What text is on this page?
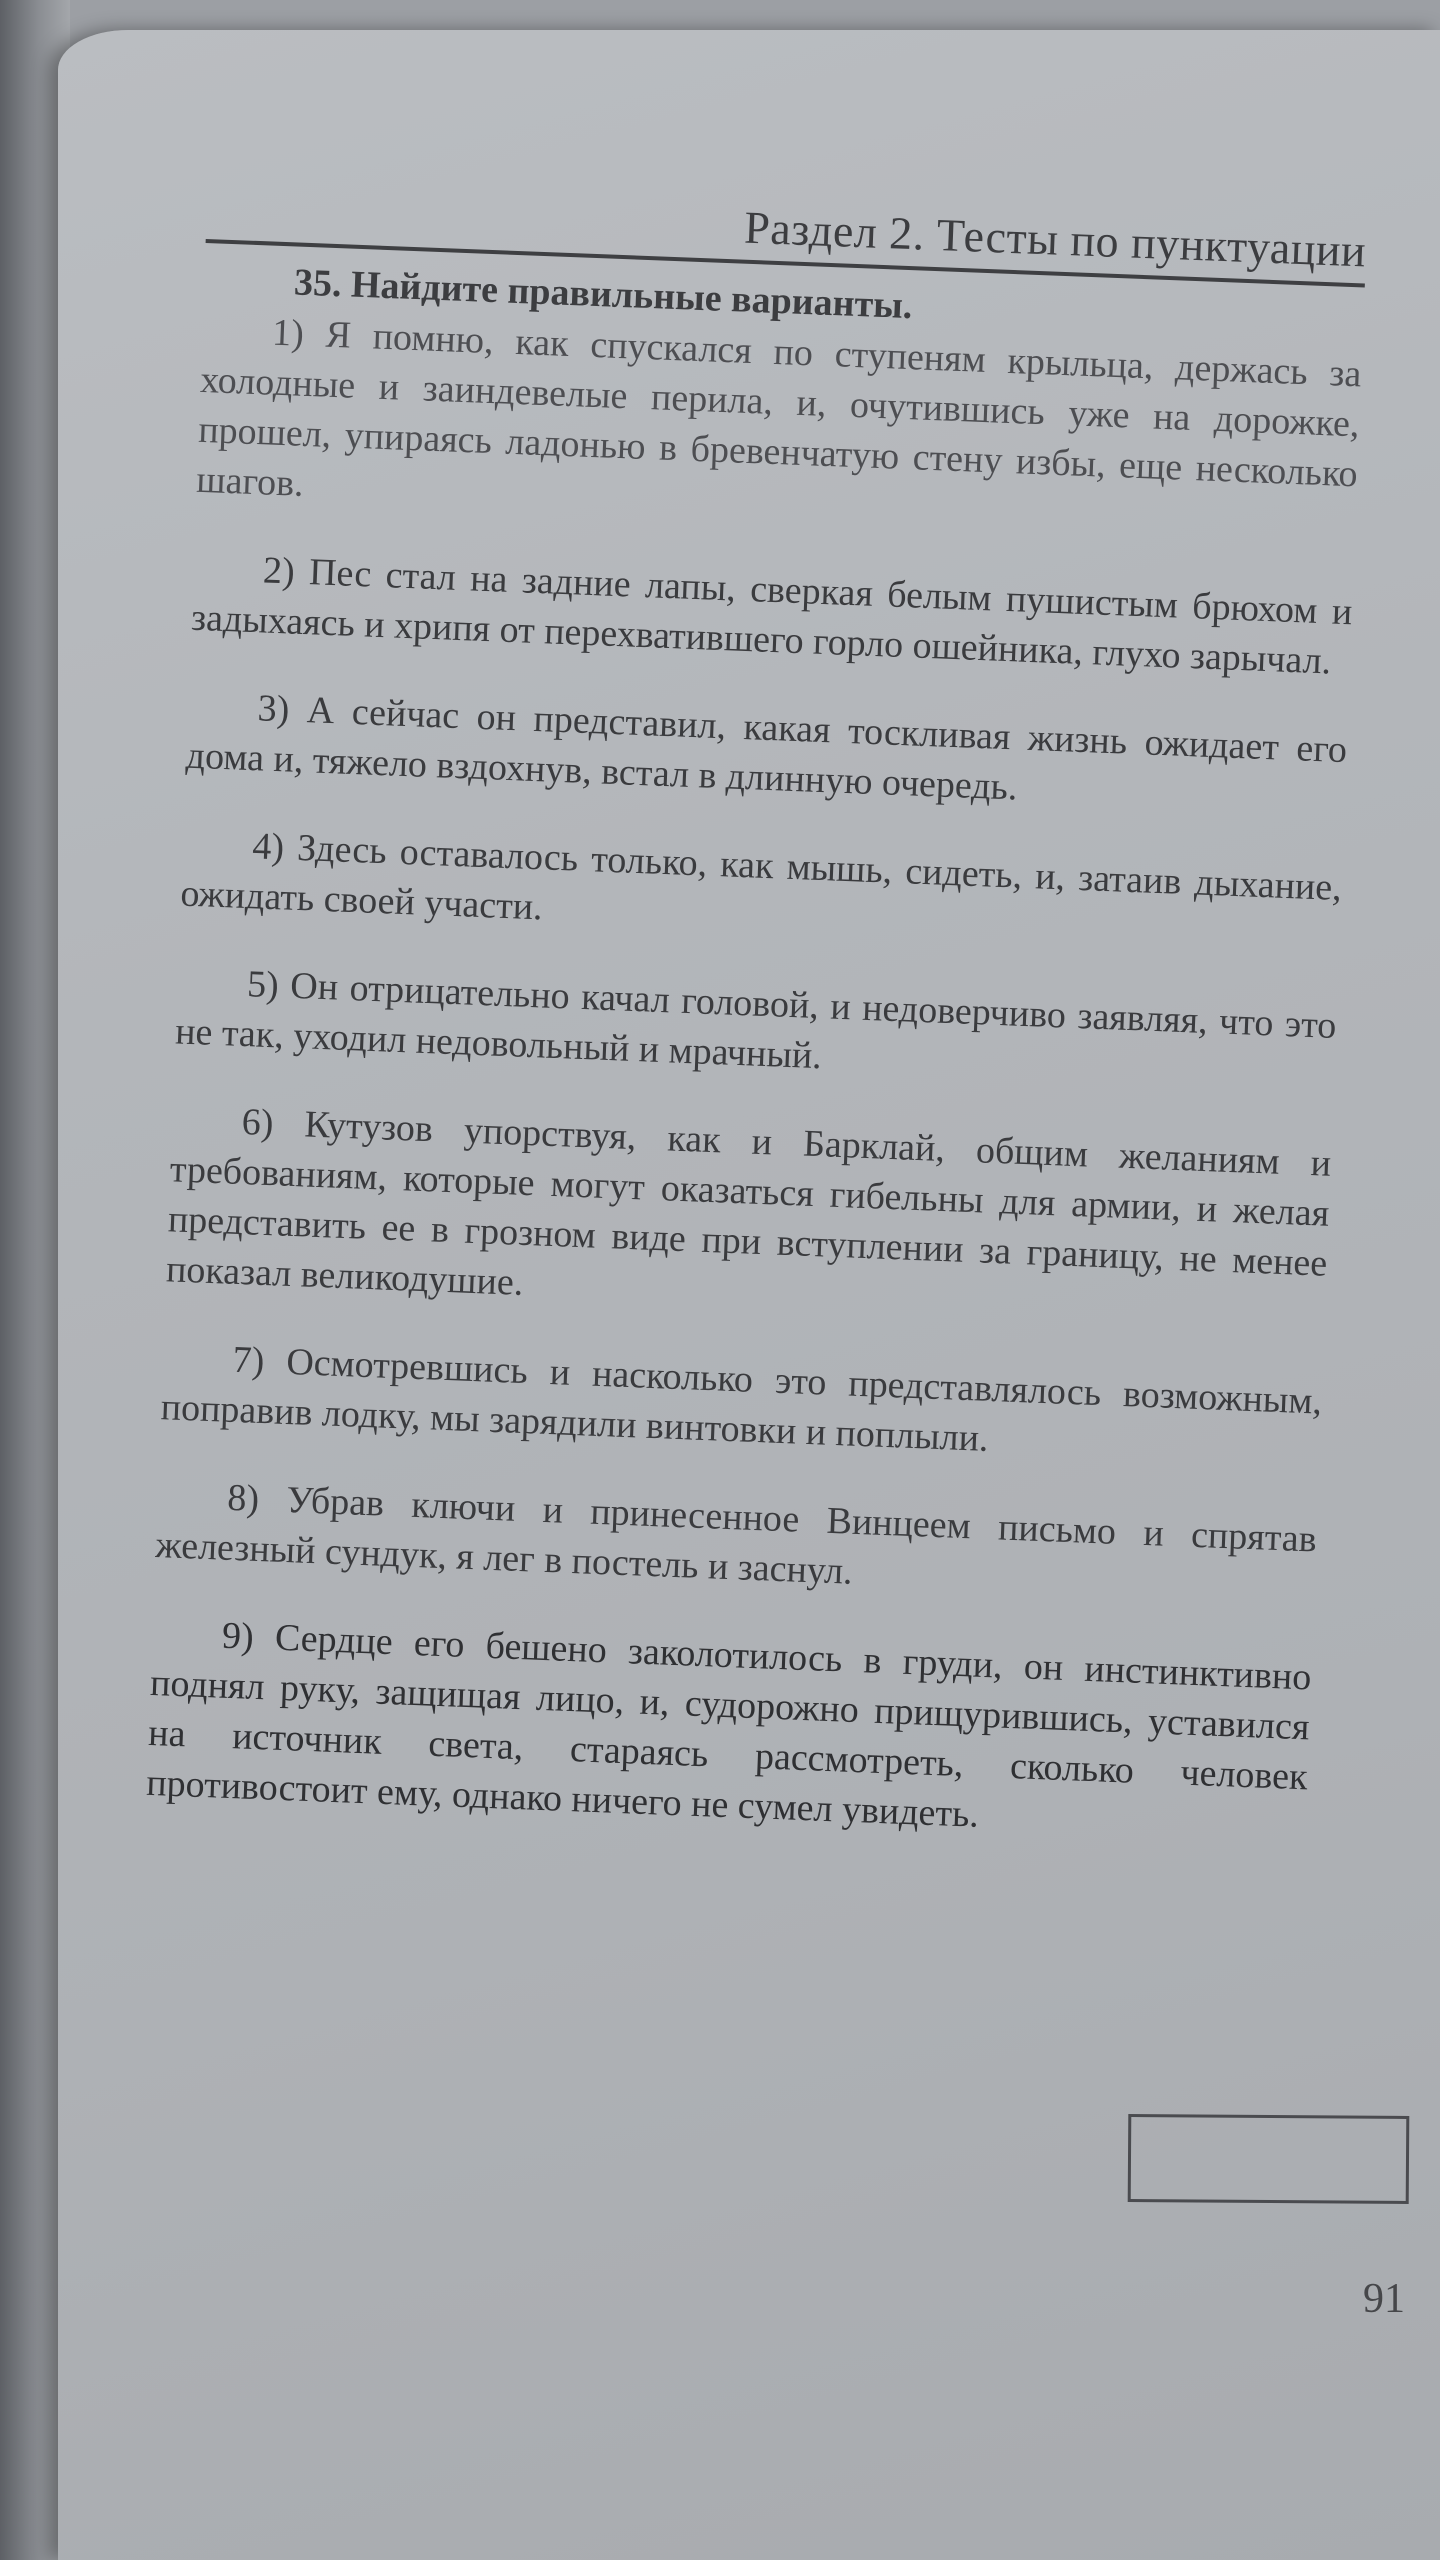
Раздел 2. Тесты по пунктуации
35. Найдите правильные варианты.

1) Я помню, как спускался по ступеням крыльца, держась за холодные и заиндевелые перила, и, очутившись уже на дорожке, прошел, упираясь ладонью в бревенчатую стену избы, еще несколько шагов.

2) Пес стал на задние лапы, сверкая белым пушистым брюхом и задыхаясь и хрипя от перехватившего горло ошейника, глухо зарычал.

3) А сейчас он представил, какая тоскливая жизнь ожидает его дома и, тяжело вздохнув, встал в длинную очередь.

4) Здесь оставалось только, как мышь, сидеть, и, затаив дыхание, ожидать своей участи.

5) Он отрицательно качал головой, и недоверчиво заявляя, что это не так, уходил недовольный и мрачный.

6) Кутузов упорствуя, как и Барклай, общим желаниям и требованиям, которые могут оказаться гибельны для армии, и желая представить ее в грозном виде при вступлении за границу, не менее показал великодушие.

7) Осмотревшись и насколько это представлялось возможным, поправив лодку, мы зарядили винтовки и поплыли.

8) Убрав ключи и принесенное Винцеем письмо и спрятав железный сундук, я лег в постель и заснул.

9) Сердце его бешено заколотилось в груди, он инстинктивно поднял руку, защищая лицо, и, судорожно прищурившись, уставился на источник света, стараясь рассмотреть, сколько человек противостоит ему, однако ничего не сумел увидеть.

91
